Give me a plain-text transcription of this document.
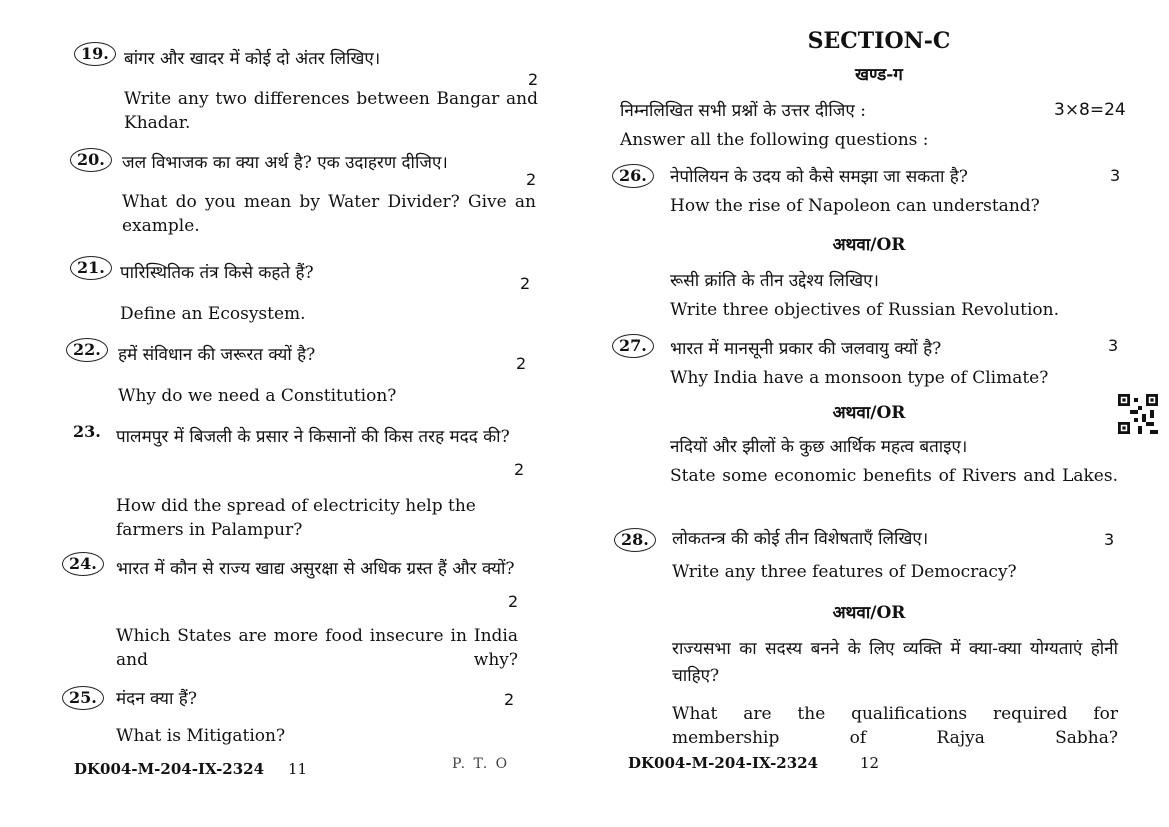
19. बांगर और खादर में कोई दो अंतर लिखिए।
2
Write any two differences between Bangar and Khadar.
20.	जल विभाजक का क्या अर्थ है? एक उदाहरण दीजिए।
2
What do you mean by Water Divider? Give an example.
21. पारिस्थितिक तंत्र किसे कहते हैं?
2
Define an Ecosystem.
22.	हमें संविधान की जरूरत क्यों है?	2
Why do we need a Constitution?
23. पालमपुर में बिजली के प्रसार ने किसानों की किस तरह मदद की?
2
How did the spread of electricity help the farmers in Palampur?
24.	भारत में कौन से राज्य खाद्य असुरक्षा से अधिक ग्रस्त हैं और क्यों?
2
Which States are more food insecure in India and why?
25.	मंदन क्या हैं?	2
What is Mitigation?
DK004-M-204-IX-2324 11	P. T. O
SECTION-C
खण्ड-ग
निम्नलिखित सभी प्रश्नों के उत्तर दीजिए :	3×8=24
Answer all the following questions :
26.	नेपोलियन के उदय को कैसे समझा जा सकता है?	3
How the rise of Napoleon can understand?
अथवा/OR
रूसी क्रांति के तीन उद्देश्य लिखिए।
Write three objectives of Russian Revolution.
27.	भारत में मानसूनी प्रकार की जलवायु क्यों है?	3
Why India have a monsoon type of Climate?
अथवा/OR
नदियों और झीलों के कुछ आर्थिक महत्व बताइए।
State some economic benefits of Rivers and Lakes.
28.	लोकतन्त्र की कोई तीन विशेषताएँ लिखिए।	3
Write any three features of Democracy?
अथवा/OR
राज्यसभा का सदस्य बनने के लिए व्यक्ति में क्या-क्या योग्यताएं होनी चाहिए?
What are the qualifications required for membership of Rajya Sabha?
DK004-M-204-IX-2324	12
